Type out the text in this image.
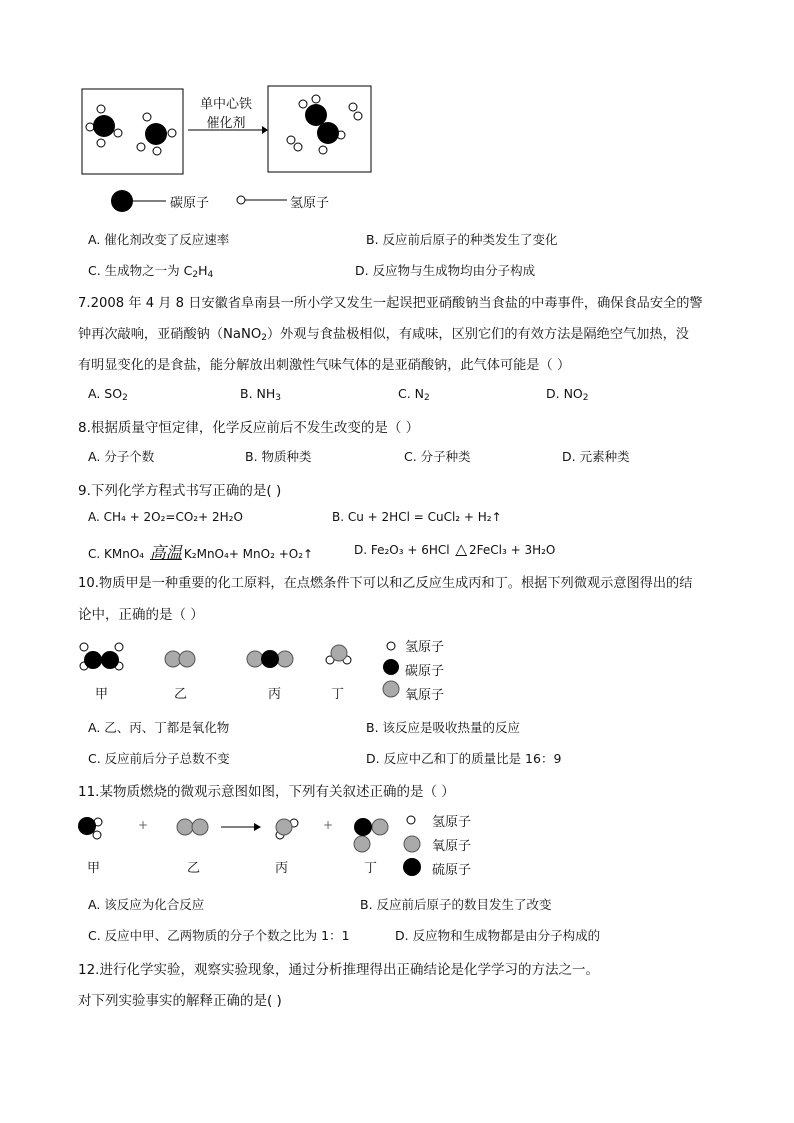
单中心铁
催化剂
碳原子	氢原子
A. 催化剂改变了反应速率	B. 反应前后原子的种类发生了变化
C. 生成物之一为 $C_2H_4$	D. 反应物与生成物均由分子构成
7.2008 年 4 月 8 日安徽省阜南县一所小学又发生一起误把亚硝酸钠当食盐的中毒事件，确保食品安全的警
钟再次敲响，亚硝酸钠（NaNO$_2$）外观与食盐极相似，有咸味，区别它们的有效方法是隔绝空气加热，没
有明显变化的是食盐，能分解放出刺激性气味气体的是亚硝酸钠，此气体可能是（ ）
A. $SO_2$	B. $NH_3$	C. $N_2$	D. $NO_2$
8.根据质量守恒定律，化学反应前后不发生改变的是（ ）
A. 分子个数	B. 物质种类	C. 分子种类	D. 元素种类
9.下列化学方程式书写正确的是( )
A. CH₄ + 2O₂=CO₂+ 2H₂O	B. Cu + 2HCl = CuCl₂ + H₂↑
C. KMnO₄ 高温 K₂MnO₄+ MnO₂ +O₂↑	D. Fe₂O₃ + 6HCl △ 2FeCl₃ + 3H₂O
10.物质甲是一种重要的化工原料，在点燃条件下可以和乙反应生成丙和丁。根据下列微观示意图得出的结
论中，正确的是（ ）
甲	乙	丙	丁
氢原子
碳原子
氧原子
A. 乙、丙、丁都是氧化物	B. 该反应是吸收热量的反应
C. 反应前后分子总数不变	D. 反应中乙和丁的质量比是 16：9
11.某物质燃烧的微观示意图如图，下列有关叙述正确的是（ ）
+	+
甲	乙	丙	丁
氢原子
氧原子
硫原子
A. 该反应为化合反应	B. 反应前后原子的数目发生了改变
C. 反应中甲、乙两物质的分子个数之比为 1：1	D. 反应物和生成物都是由分子构成的
12.进行化学实验，观察实验现象，通过分析推理得出正确结论是化学学习的方法之一。
对下列实验事实的解释正确的是( )
